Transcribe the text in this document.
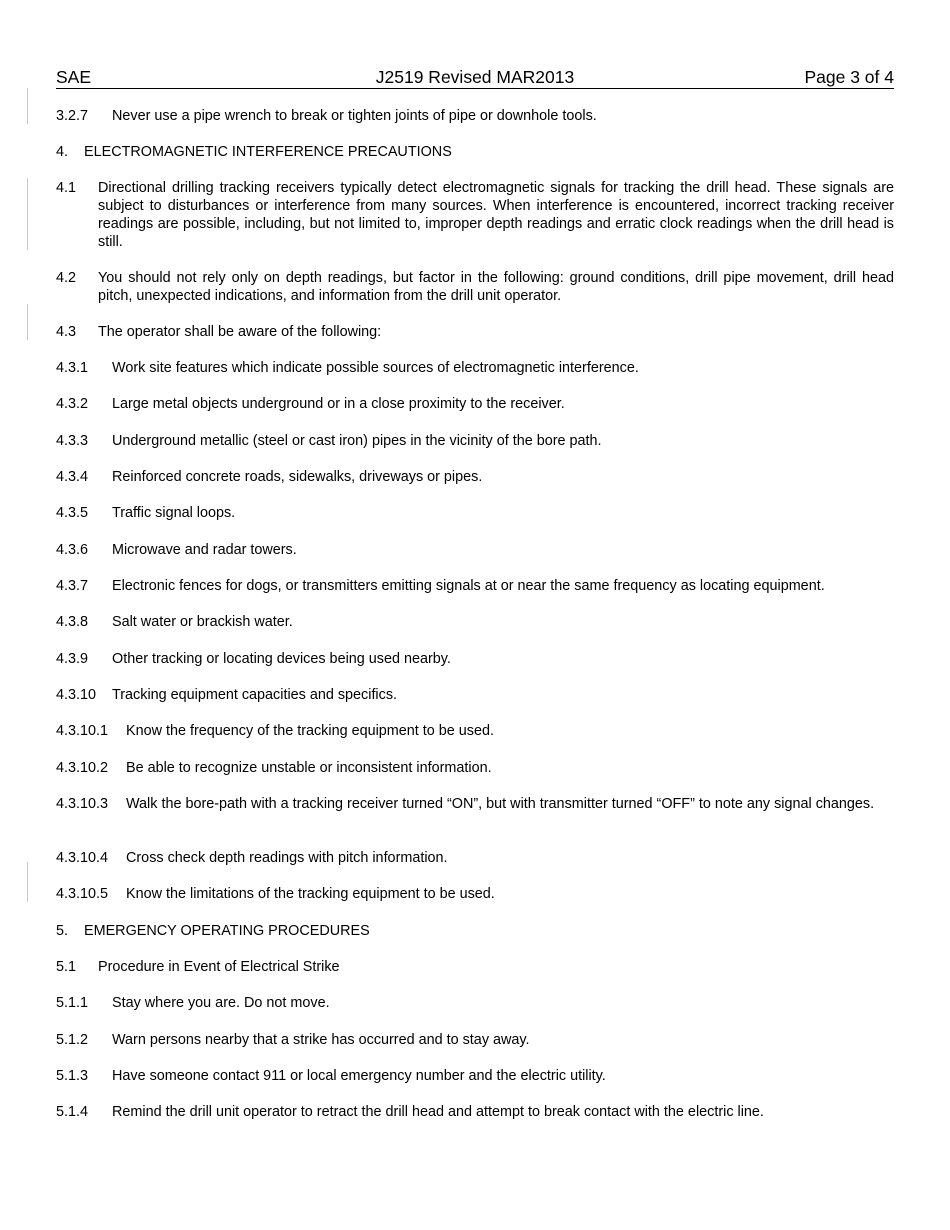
SAE	J2519 Revised MAR2013	Page 3 of 4
3.2.7 Never use a pipe wrench to break or tighten joints of pipe or downhole tools.
4. ELECTROMAGNETIC INTERFERENCE PRECAUTIONS
4.1 Directional drilling tracking receivers typically detect electromagnetic signals for tracking the drill head. These signals are subject to disturbances or interference from many sources. When interference is encountered, incorrect tracking receiver readings are possible, including, but not limited to, improper depth readings and erratic clock readings when the drill head is still.
4.2 You should not rely only on depth readings, but factor in the following: ground conditions, drill pipe movement, drill head pitch, unexpected indications, and information from the drill unit operator.
4.3 The operator shall be aware of the following:
4.3.1 Work site features which indicate possible sources of electromagnetic interference.
4.3.2 Large metal objects underground or in a close proximity to the receiver.
4.3.3 Underground metallic (steel or cast iron) pipes in the vicinity of the bore path.
4.3.4 Reinforced concrete roads, sidewalks, driveways or pipes.
4.3.5 Traffic signal loops.
4.3.6 Microwave and radar towers.
4.3.7 Electronic fences for dogs, or transmitters emitting signals at or near the same frequency as locating equipment.
4.3.8 Salt water or brackish water.
4.3.9 Other tracking or locating devices being used nearby.
4.3.10 Tracking equipment capacities and specifics.
4.3.10.1 Know the frequency of the tracking equipment to be used.
4.3.10.2 Be able to recognize unstable or inconsistent information.
4.3.10.3 Walk the bore-path with a tracking receiver turned “ON”, but with transmitter turned “OFF” to note any signal changes.
4.3.10.4 Cross check depth readings with pitch information.
4.3.10.5 Know the limitations of the tracking equipment to be used.
5. EMERGENCY OPERATING PROCEDURES
5.1 Procedure in Event of Electrical Strike
5.1.1 Stay where you are. Do not move.
5.1.2 Warn persons nearby that a strike has occurred and to stay away.
5.1.3 Have someone contact 911 or local emergency number and the electric utility.
5.1.4 Remind the drill unit operator to retract the drill head and attempt to break contact with the electric line.
